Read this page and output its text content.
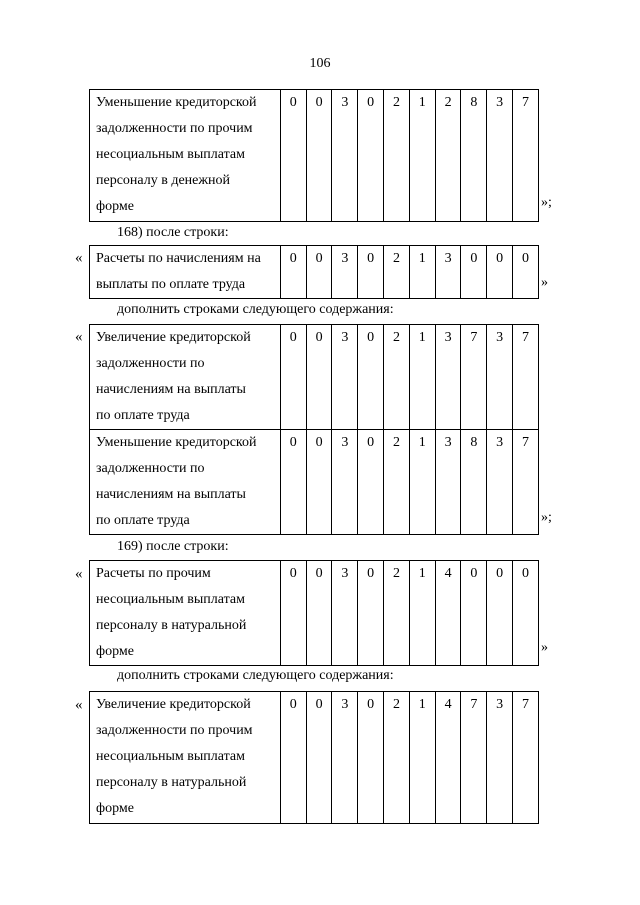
106
Уменьшение кредиторской
задолженности по прочим
несоциальным выплатам
персоналу в денежной
форме

0	0	3	0	2	1	2	8	3	7
»;
168) после строки:
« Расчеты по начислениям на
выплаты по оплате труда

0	0	3	0	2	1	3	0	0	0
»
дополнить строками следующего содержания:
« Увеличение кредиторской
задолженности по
начислениям на выплаты
по оплате труда	0	0	3	0	2	1	3	7	3	7

Уменьшение кредиторской
задолженности по
начислениям на выплаты
по оплате труда	0	0	3	0	2	1	3	8	3	7
»;
169) после строки:
« Расчеты по прочим
несоциальным выплатам
персоналу в натуральной
форме

0	0	3	0	2	1	4	0	0	0
»
дополнить строками следующего содержания:
« Увеличение кредиторской
задолженности по прочим
несоциальным выплатам
персоналу в натуральной
форме

0	0	3	0	2	1	4	7	3	7
